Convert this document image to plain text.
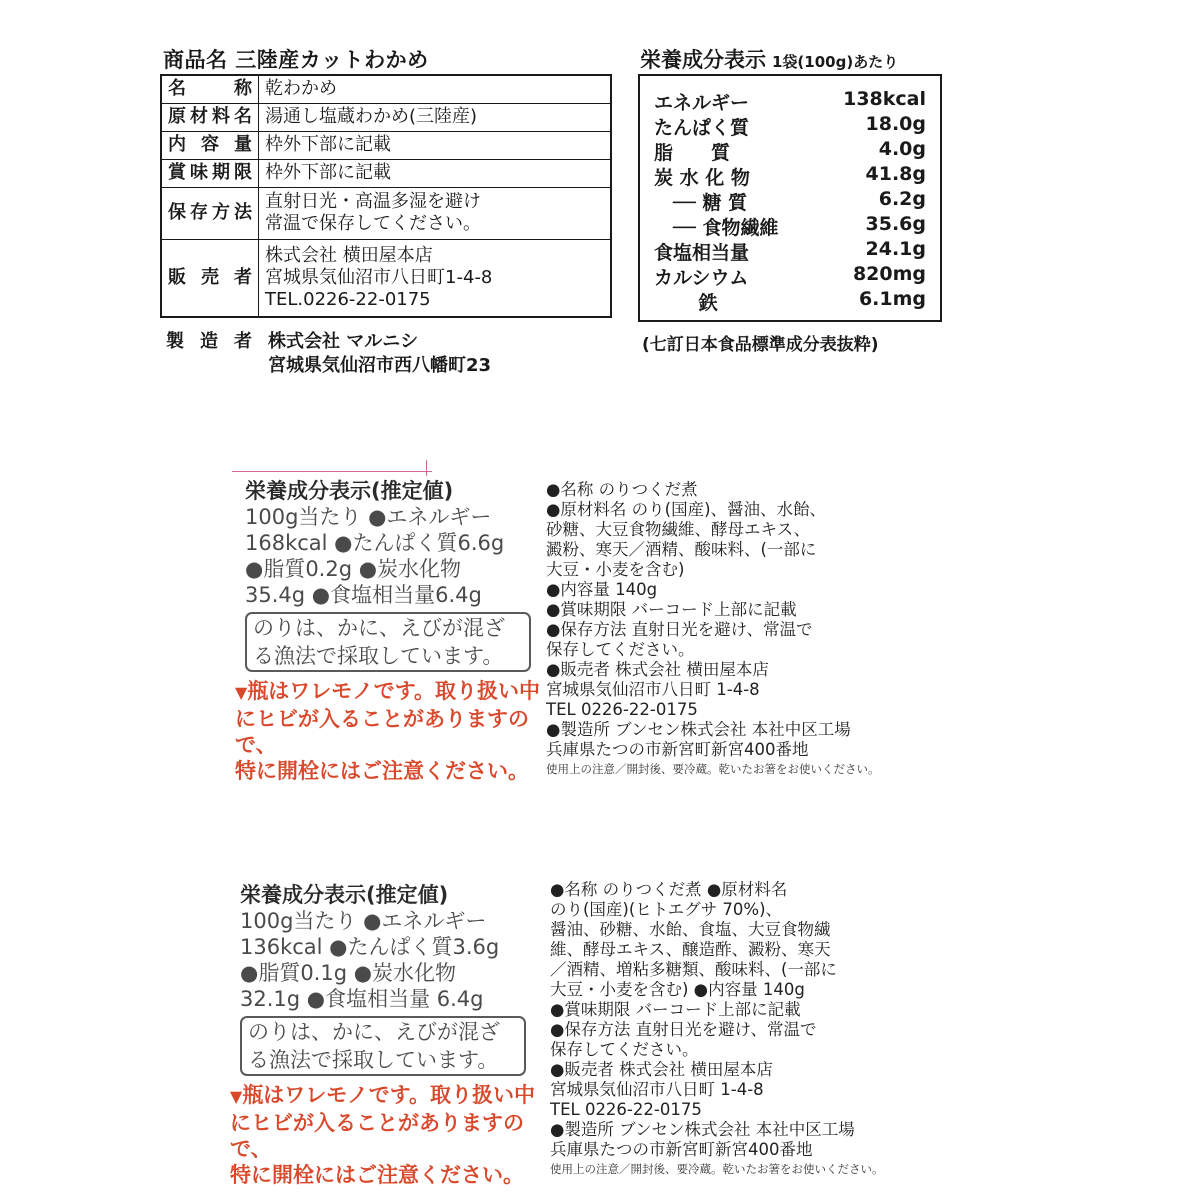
商品名 三陸産カットわかめ
名 称	乾わかめ
原材料名	湯通し塩蔵わかめ(三陸産)
内容量	枠外下部に記載
賞味期限	枠外下部に記載
保存方法	直射日光・高温多湿を避け
常温で保存してください。
販 売 者	株式会社 横田屋本店
宮城県気仙沼市八日町1-4-8
TEL.0226-22-0175
製 造 者 株式会社 マルニシ
宮城県気仙沼市西八幡町23
栄養成分表示 1袋(100g)あたり
エネルギー	138kcal
たんぱく質	18.0g
脂　　質	4.0g
炭 水 化 物	41.8g
　── 糖 質	6.2g
　── 食物繊維	35.6g
食塩相当量	24.1g
カルシウム	820mg
　　 鉄	6.1mg
(七訂日本食品標準成分表抜粋)
栄養成分表示(推定値)
100g当たり ●エネルギー
168kcal ●たんぱく質6.6g
●脂質0.2g ●炭水化物
35.4g ●食塩相当量6.4g
のりは、かに、えびが混ざる漁法で採取しています。
▼瓶はワレモノです。取り扱い中
にヒビが入ることがありますので、
特に開栓にはご注意ください。
●名称 のりつくだ煮
●原材料名 のり(国産)、醤油、水飴、
砂糖、大豆食物繊維、酵母エキス、
澱粉、寒天／酒精、酸味料、(一部に
大豆・小麦を含む)
●内容量 140g
●賞味期限 バーコード上部に記載
●保存方法 直射日光を避け、常温で
保存してください。
●販売者 株式会社 横田屋本店
宮城県気仙沼市八日町 1-4-8
TEL 0226-22-0175
●製造所 ブンセン株式会社 本社中区工場
兵庫県たつの市新宮町新宮400番地
使用上の注意／開封後、要冷蔵。乾いたお箸をお使いください。
栄養成分表示(推定値)
100g当たり ●エネルギー
136kcal ●たんぱく質3.6g
●脂質0.1g ●炭水化物
32.1g ●食塩相当量 6.4g
のりは、かに、えびが混ざる漁法で採取しています。
▼瓶はワレモノです。取り扱い中
にヒビが入ることがありますので、
特に開栓にはご注意ください。
●名称 のりつくだ煮 ●原材料名
のり(国産)(ヒトエグサ 70%)、
醤油、砂糖、水飴、食塩、大豆食物繊
維、酵母エキス、醸造酢、澱粉、寒天
／酒精、増粘多糖類、酸味料、(一部に
大豆・小麦を含む) ●内容量 140g
●賞味期限 バーコード上部に記載
●保存方法 直射日光を避け、常温で
保存してください。
●販売者 株式会社 横田屋本店
宮城県気仙沼市八日町 1-4-8
TEL 0226-22-0175
●製造所 ブンセン株式会社 本社中区工場
兵庫県たつの市新宮町新宮400番地
使用上の注意／開封後、要冷蔵。乾いたお箸をお使いください。
